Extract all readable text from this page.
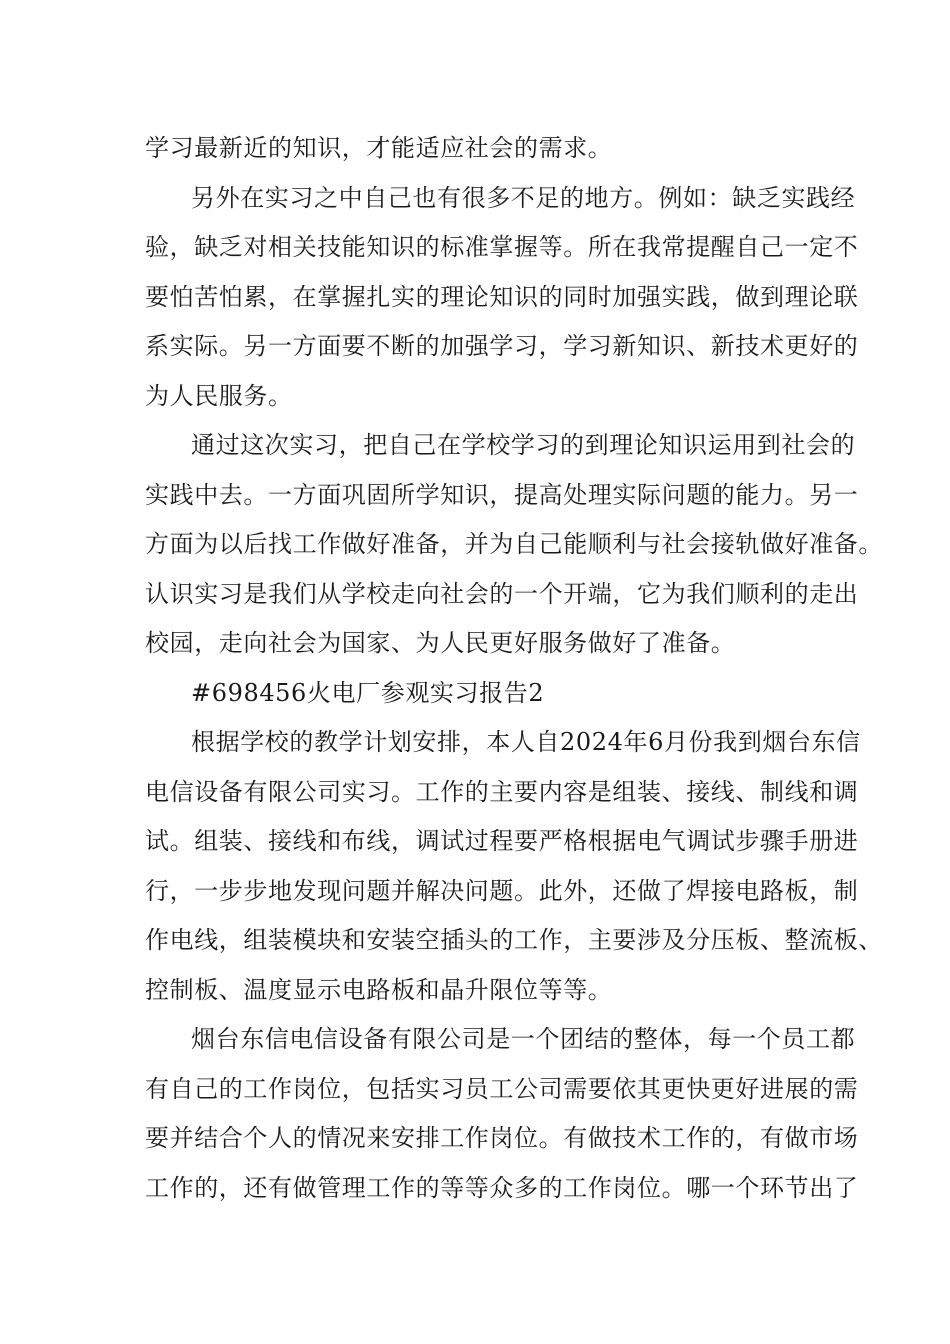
学习最新近的知识，才能适应社会的需求。
另外在实习之中自己也有很多不足的地方。例如：缺乏实践经
验，缺乏对相关技能知识的标准掌握等。所在我常提醒自己一定不
要怕苦怕累，在掌握扎实的理论知识的同时加强实践，做到理论联
系实际。另一方面要不断的加强学习，学习新知识、新技术更好的
为人民服务。
通过这次实习，把自己在学校学习的到理论知识运用到社会的
实践中去。一方面巩固所学知识，提高处理实际问题的能力。另一
方面为以后找工作做好准备，并为自己能顺利与社会接轨做好准备。
认识实习是我们从学校走向社会的一个开端，它为我们顺利的走出
校园，走向社会为国家、为人民更好服务做好了准备。
#698456火电厂参观实习报告2
根据学校的教学计划安排，本人自2024年6月份我到烟台东信
电信设备有限公司实习。工作的主要内容是组装、接线、制线和调
试。组装、接线和布线，调试过程要严格根据电气调试步骤手册进
行，一步步地发现问题并解决问题。此外，还做了焊接电路板，制
作电线，组装模块和安装空插头的工作，主要涉及分压板、整流板、
控制板、温度显示电路板和晶升限位等等。
烟台东信电信设备有限公司是一个团结的整体，每一个员工都
有自己的工作岗位，包括实习员工公司需要依其更快更好进展的需
要并结合个人的情况来安排工作岗位。有做技术工作的，有做市场
工作的，还有做管理工作的等等众多的工作岗位。哪一个环节出了
